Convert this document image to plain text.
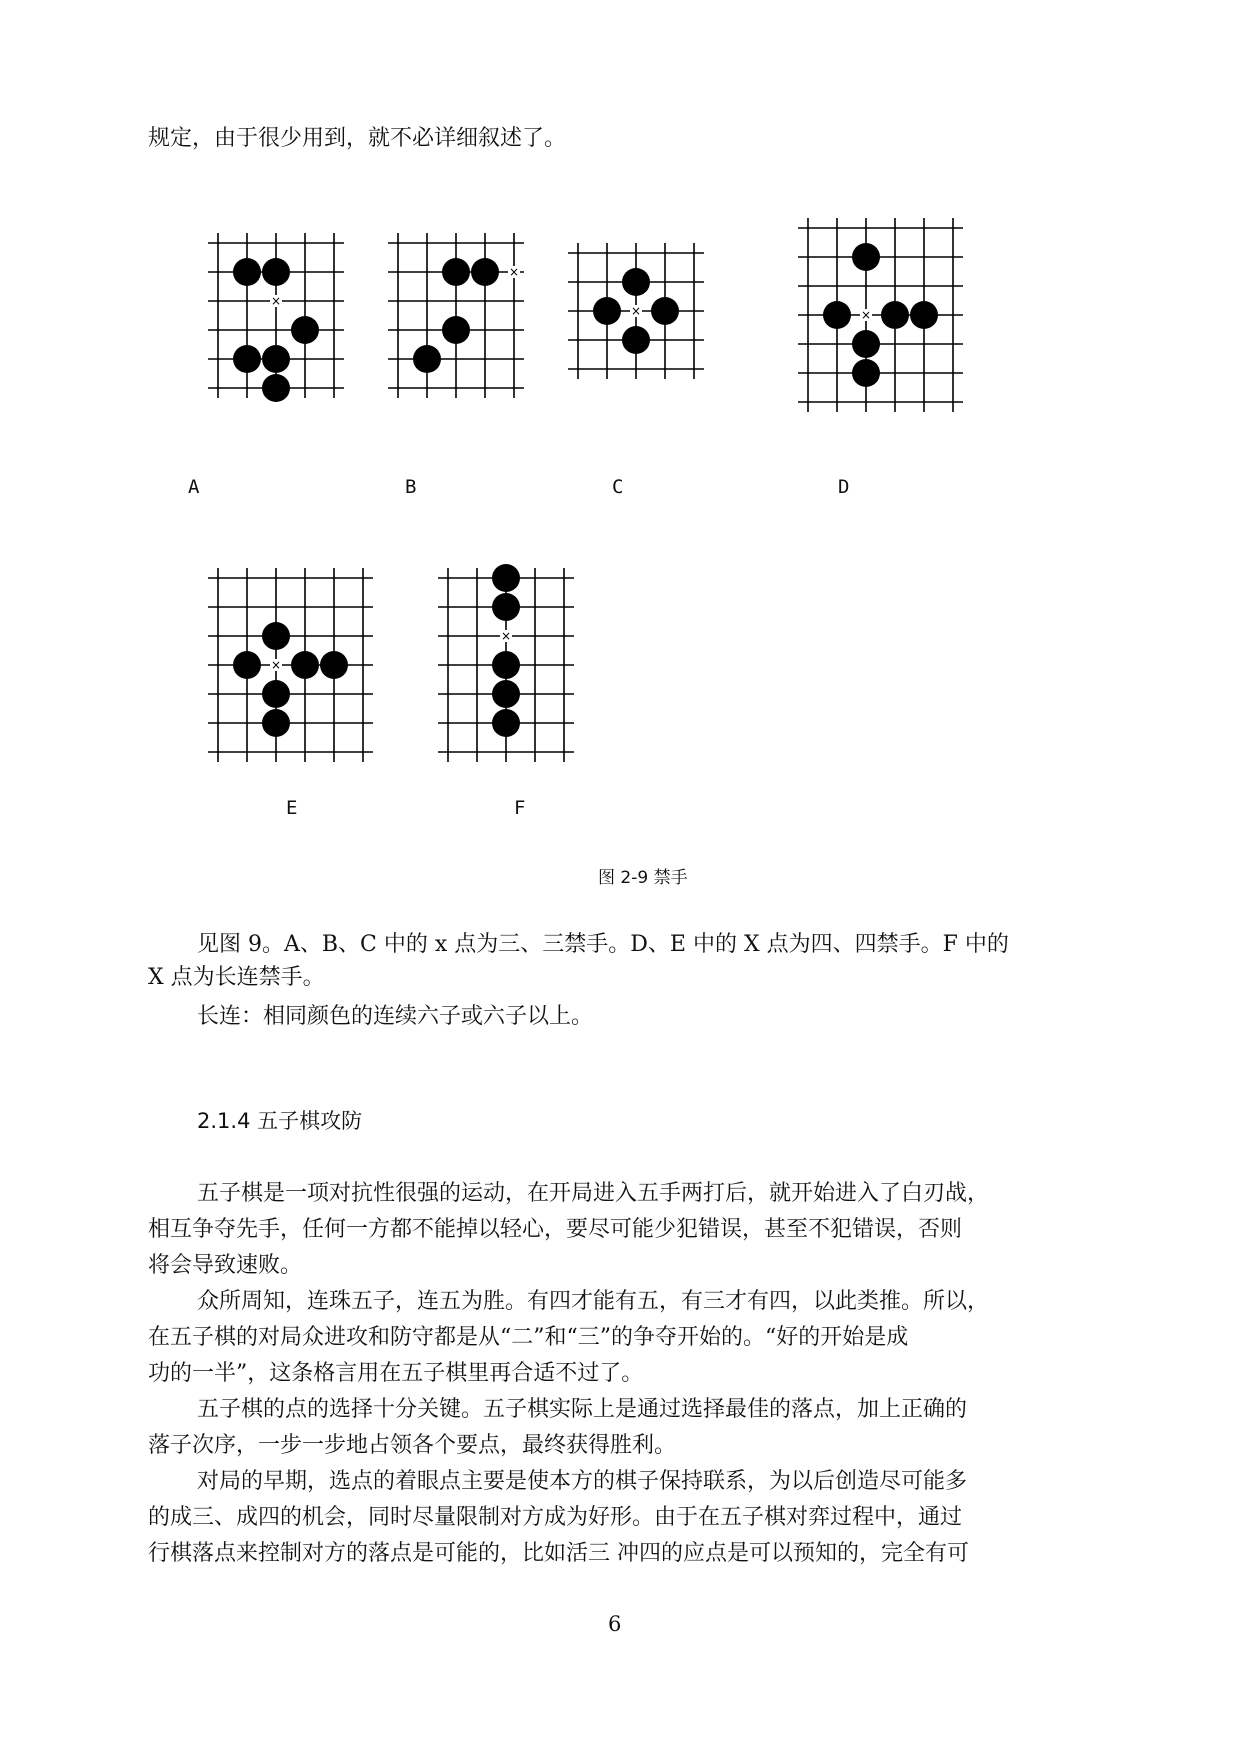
规定，由于很少用到，就不必详细叙述了。
×
×
×	×
×
×
A	B	C	D
E	F
图 2-9 禁手
见图 9。A、B、C 中的 x 点为三、三禁手。D、E 中的 X 点为四、四禁手。F 中的
X 点为长连禁手。
长连：相同颜色的连续六子或六子以上。
2.1.4 五子棋攻防
五子棋是一项对抗性很强的运动，在开局进入五手两打后，就开始进入了白刃战，
相互争夺先手，任何一方都不能掉以轻心，要尽可能少犯错误，甚至不犯错误，否则
将会导致速败。
众所周知，连珠五子，连五为胜。有四才能有五，有三才有四，以此类推。所以，
在五子棋的对局众进攻和防守都是从“二”和“三”的争夺开始的。“好的开始是成
功的一半”，这条格言用在五子棋里再合适不过了。
五子棋的点的选择十分关键。五子棋实际上是通过选择最佳的落点，加上正确的
落子次序，一步一步地占领各个要点，最终获得胜利。
对局的早期，选点的着眼点主要是使本方的棋子保持联系，为以后创造尽可能多
的成三、成四的机会，同时尽量限制对方成为好形。由于在五子棋对弈过程中，通过
行棋落点来控制对方的落点是可能的，比如活三 冲四的应点是可以预知的，完全有可
6
